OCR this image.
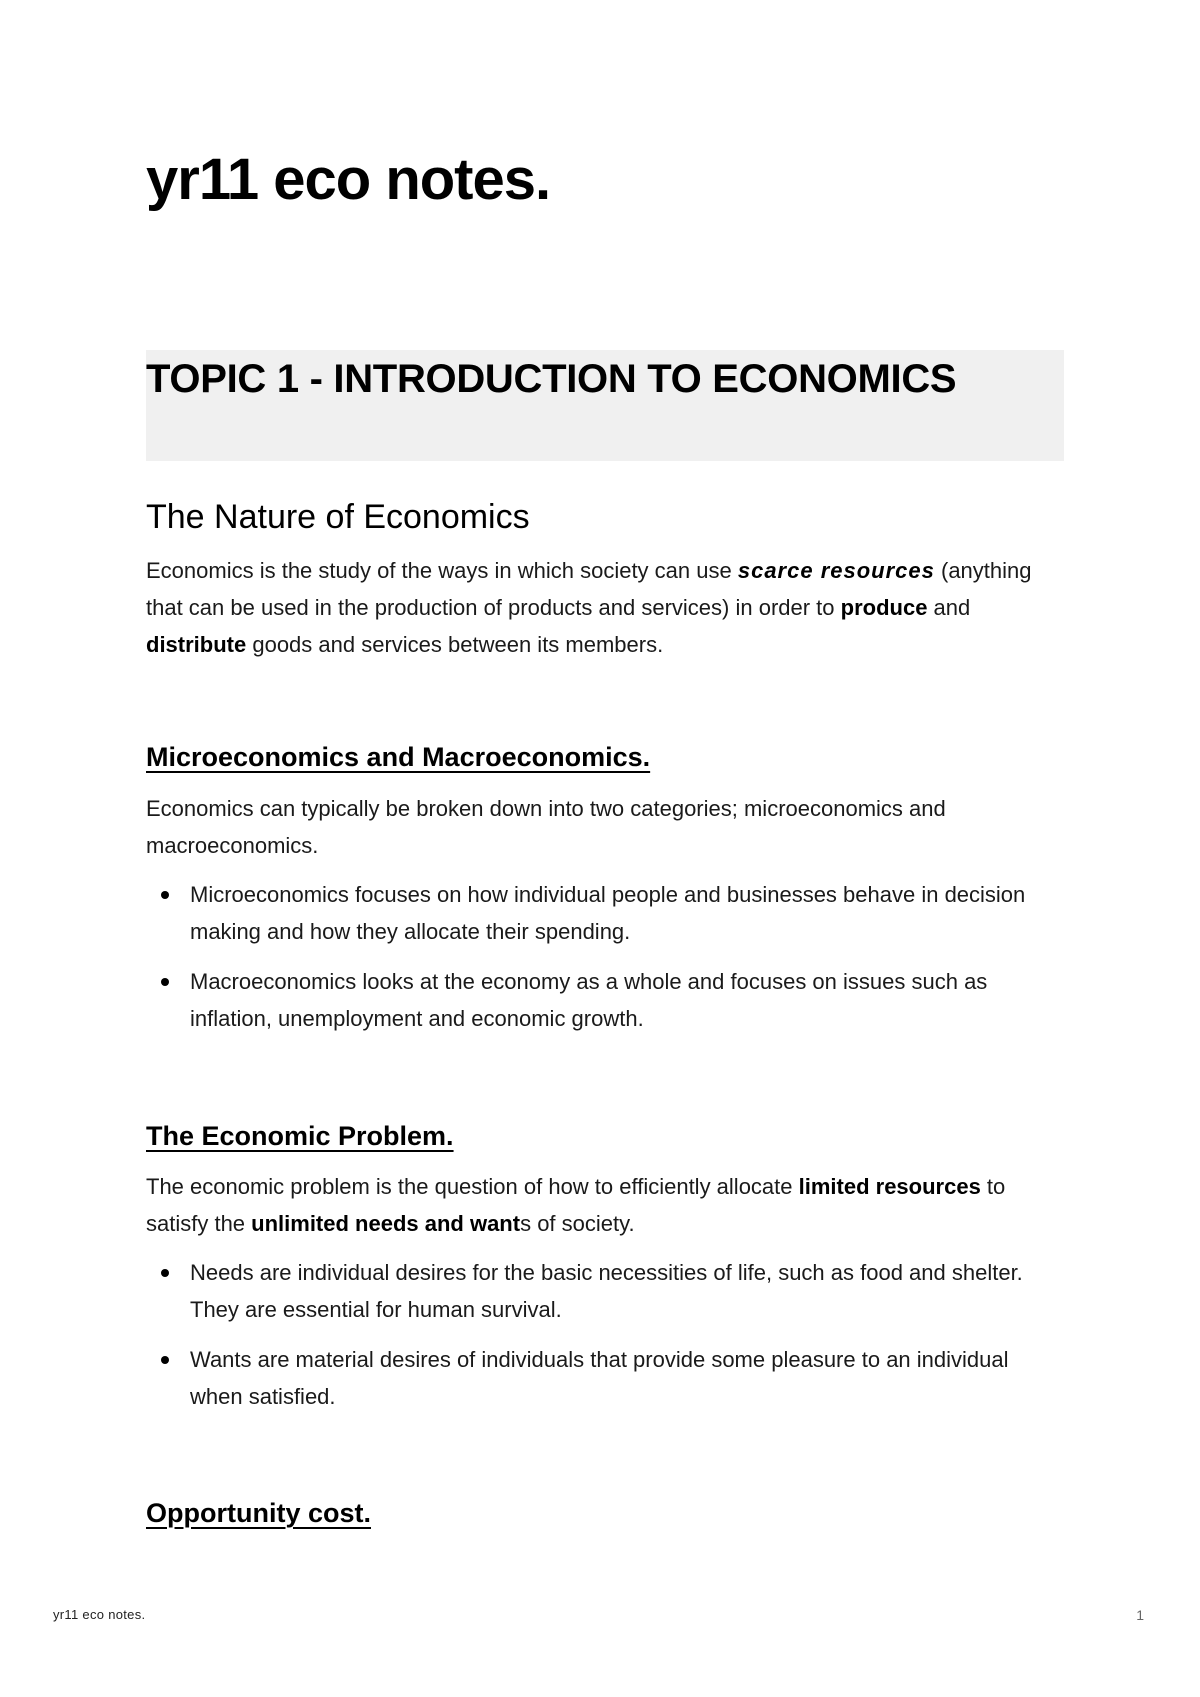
yr11 eco notes.
TOPIC 1 - INTRODUCTION TO ECONOMICS
The Nature of Economics

Economics is the study of the ways in which society can use scarce resources (anything that can be used in the production of products and services) in order to produce and distribute goods and services between its members.

Microeconomics and Macroeconomics.

Economics can typically be broken down into two categories; microeconomics and macroeconomics.

Microeconomics focuses on how individual people and businesses behave in decision making and how they allocate their spending.
Macroeconomics looks at the economy as a whole and focuses on issues such as inflation, unemployment and economic growth.
The Economic Problem.

The economic problem is the question of how to efficiently allocate limited resources to satisfy the unlimited needs and wants of society.

Needs are individual desires for the basic necessities of life, such as food and shelter. They are essential for human survival.
Wants are material desires of individuals that provide some pleasure to an individual when satisfied.
Opportunity cost.
yr11 eco notes.	1
